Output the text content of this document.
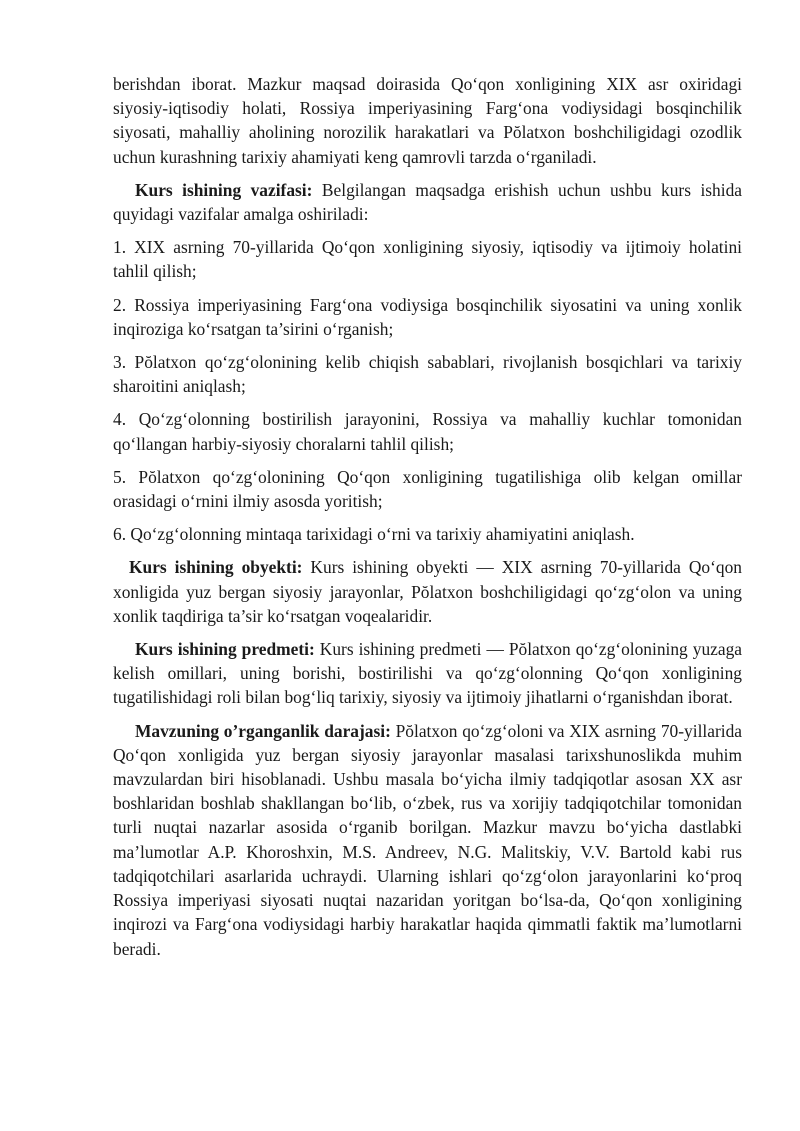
berishdan iborat. Mazkur maqsad doirasida Qo‘qon xonligining XIX asr oxiridagi siyosiy-iqtisodiy holati, Rossiya imperiyasining Farg‘ona vodiysidagi bosqinchilik siyosati, mahalliy aholining norozilik harakatlari va Pŏlatxon boshchiligidagi ozodlik uchun kurashning tarixiy ahamiyati keng qamrovli tarzda o‘rganiladi.

Kurs ishining vazifasi: Belgilangan maqsadga erishish uchun ushbu kurs ishida quyidagi vazifalar amalga oshiriladi:

1. XIX asrning 70-yillarida Qo‘qon xonligining siyosiy, iqtisodiy va ijtimoiy holatini tahlil qilish;

2. Rossiya imperiyasining Farg‘ona vodiysiga bosqinchilik siyosatini va uning xonlik inqiroziga ko‘rsatgan ta’sirini o‘rganish;

3. Pŏlatxon qo‘zg‘olonining kelib chiqish sabablari, rivojlanish bosqichlari va tarixiy sharoitini aniqlash;

4. Qo‘zg‘olonning bostirilish jarayonini, Rossiya va mahalliy kuchlar tomonidan qo‘llangan harbiy-siyosiy choralarni tahlil qilish;

5. Pŏlatxon qo‘zg‘olonining Qo‘qon xonligining tugatilishiga olib kelgan omillar orasidagi o‘rnini ilmiy asosda yoritish;

6. Qo‘zg‘olonning mintaqa tarixidagi o‘rni va tarixiy ahamiyatini aniqlash.

Kurs ishining obyekti: Kurs ishining obyekti — XIX asrning 70-yillarida Qo‘qon xonligida yuz bergan siyosiy jarayonlar, Pŏlatxon boshchiligidagi qo‘zg‘olon va uning xonlik taqdiriga ta’sir ko‘rsatgan voqealaridir.

Kurs ishining predmeti: Kurs ishining predmeti — Pŏlatxon qo‘zg‘olonining yuzaga kelish omillari, uning borishi, bostirilishi va qo‘zg‘olonning Qo‘qon xonligining tugatilishidagi roli bilan bog‘liq tarixiy, siyosiy va ijtimoiy jihatlarni o‘rganishdan iborat.

Mavzuning o’rganganlik darajasi: Pŏlatxon qo‘zg‘oloni va XIX asrning 70-yillarida Qo‘qon xonligida yuz bergan siyosiy jarayonlar masalasi tarixshunoslikda muhim mavzulardan biri hisoblanadi. Ushbu masala bo‘yicha ilmiy tadqiqotlar asosan XX asr boshlaridan boshlab shakllangan bo‘lib, o‘zbek, rus va xorijiy tadqiqotchilar tomonidan turli nuqtai nazarlar asosida o‘rganib borilgan. Mazkur mavzu bo‘yicha dastlabki ma’lumotlar A.P. Khoroshxin, M.S. Andreev, N.G. Malitskiy, V.V. Bartold kabi rus tadqiqotchilari asarlarida uchraydi. Ularning ishlari qo‘zg‘olon jarayonlarini ko‘proq Rossiya imperiyasi siyosati nuqtai nazaridan yoritgan bo‘lsa-da, Qo‘qon xonligining inqirozi va Farg‘ona vodiysidagi harbiy harakatlar haqida qimmatli faktik ma’lumotlarni beradi.
